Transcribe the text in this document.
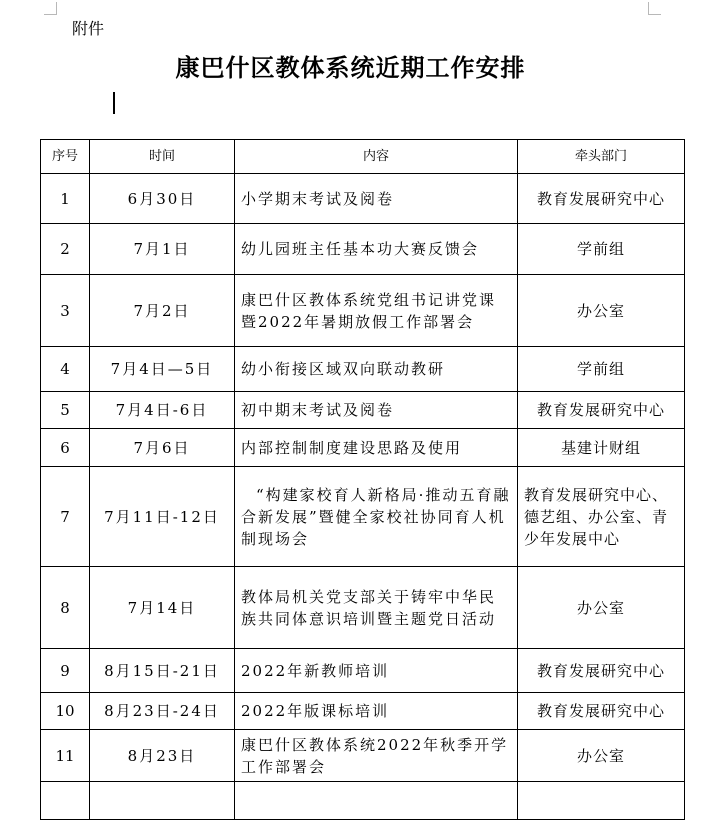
附件
康巴什区教体系统近期工作安排
序号	时间	内容	牵头部门
1	6月30日	小学期末考试及阅卷	教育发展研究中心
2	7月1日	幼儿园班主任基本功大赛反馈会	学前组
3	7月2日	康巴什区教体系统党组书记讲党课暨2022年暑期放假工作部署会	办公室
4	7月4日—5日	幼小衔接区域双向联动教研	学前组
5	7月4日-6日	初中期末考试及阅卷	教育发展研究中心
6	7月6日	内部控制制度建设思路及使用	基建计财组
7	7月11日-12日	“构建家校育人新格局·推动五育融合新发展”暨健全家校社协同育人机制现场会	教育发展研究中心、德艺组、办公室、青少年发展中心
8	7月14日	教体局机关党支部关于铸牢中华民族共同体意识培训暨主题党日活动	办公室
9	8月15日-21日	2022年新教师培训	教育发展研究中心
10	8月23日-24日	2022年版课标培训	教育发展研究中心
11	8月23日	康巴什区教体系统2022年秋季开学工作部署会	办公室
